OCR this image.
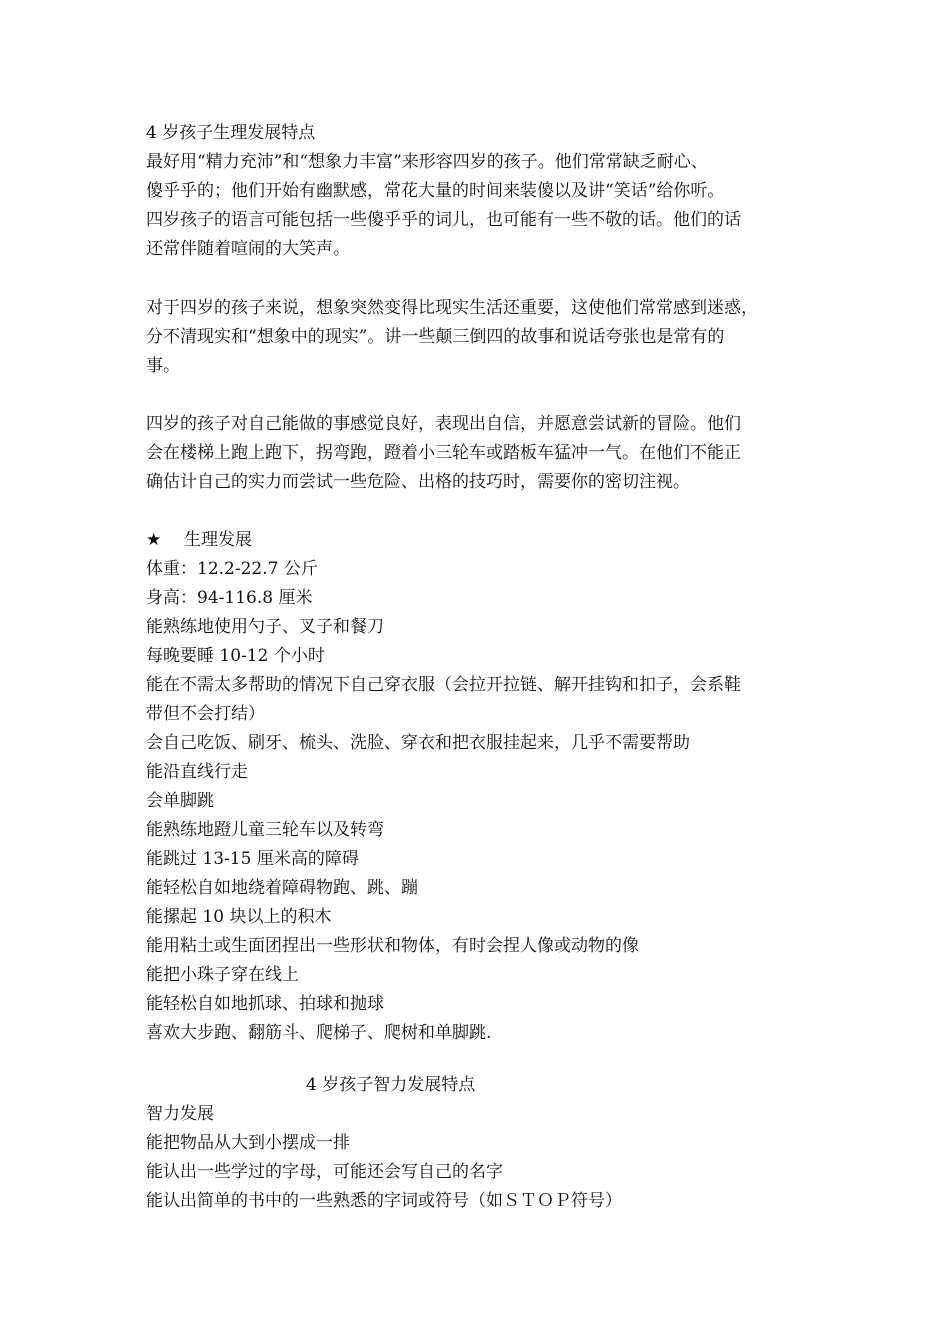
4 岁孩子生理发展特点

最好用“精力充沛”和“想象力丰富”来形容四岁的孩子。他们常常缺乏耐心、

傻乎乎的；他们开始有幽默感，常花大量的时间来装傻以及讲“笑话”给你听。

四岁孩子的语言可能包括一些傻乎乎的词儿，也可能有一些不敬的话。他们的话

还常伴随着喧闹的大笑声。

对于四岁的孩子来说，想象突然变得比现实生活还重要，这使他们常常感到迷惑，

分不清现实和“想象中的现实”。讲一些颠三倒四的故事和说话夸张也是常有的

事。

四岁的孩子对自己能做的事感觉良好，表现出自信，并愿意尝试新的冒险。他们

会在楼梯上跑上跑下，拐弯跑，蹬着小三轮车或踏板车猛冲一气。在他们不能正

确估计自己的实力而尝试一些危险、出格的技巧时，需要你的密切注视。

★ 生理发展

体重：12.2-22.7 公斤

身高：94-116.8 厘米

能熟练地使用勺子、叉子和餐刀

每晚要睡 10-12 个小时

能在不需太多帮助的情况下自己穿衣服（会拉开拉链、解开挂钩和扣子，会系鞋

带但不会打结）

会自己吃饭、刷牙、梳头、洗脸、穿衣和把衣服挂起来，几乎不需要帮助

能沿直线行走

会单脚跳

能熟练地蹬儿童三轮车以及转弯

能跳过 13-15 厘米高的障碍

能轻松自如地绕着障碍物跑、跳、蹦

能摞起 10 块以上的积木

能用粘土或生面团捏出一些形状和物体，有时会捏人像或动物的像

能把小珠子穿在线上

能轻松自如地抓球、拍球和抛球

喜欢大步跑、翻筋斗、爬梯子、爬树和单脚跳.

4 岁孩子智力发展特点

智力发展

能把物品从大到小摆成一排

能认出一些学过的字母，可能还会写自己的名字

能认出简单的书中的一些熟悉的字词或符号（如ＳＴＯＰ符号）
